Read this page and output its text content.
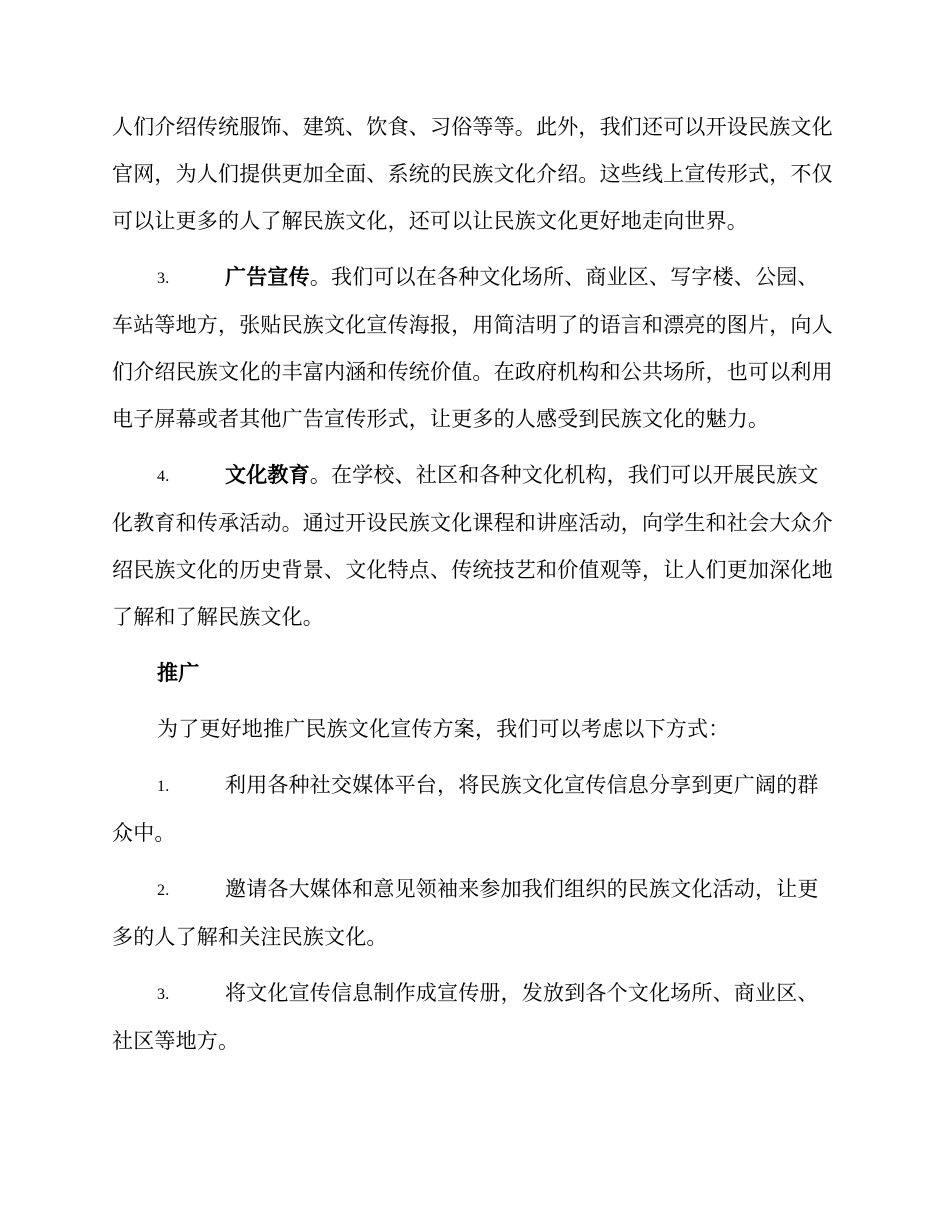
人们介绍传统服饰、建筑、饮食、习俗等等。此外，我们还可以开设民族文化官网，为人们提供更加全面、系统的民族文化介绍。这些线上宣传形式，不仅可以让更多的人了解民族文化，还可以让民族文化更好地走向世界。

3.	广告宣传。我们可以在各种文化场所、商业区、写字楼、公园、车站等地方，张贴民族文化宣传海报，用简洁明了的语言和漂亮的图片，向人们介绍民族文化的丰富内涵和传统价值。在政府机构和公共场所，也可以利用电子屏幕或者其他广告宣传形式，让更多的人感受到民族文化的魅力。

4.	文化教育。在学校、社区和各种文化机构，我们可以开展民族文化教育和传承活动。通过开设民族文化课程和讲座活动，向学生和社会大众介绍民族文化的历史背景、文化特点、传统技艺和价值观等，让人们更加深化地了解和了解民族文化。

推广

为了更好地推广民族文化宣传方案，我们可以考虑以下方式：

1.	利用各种社交媒体平台，将民族文化宣传信息分享到更广阔的群众中。

2.	邀请各大媒体和意见领袖来参加我们组织的民族文化活动，让更多的人了解和关注民族文化。

3.	将文化宣传信息制作成宣传册，发放到各个文化场所、商业区、社区等地方。
